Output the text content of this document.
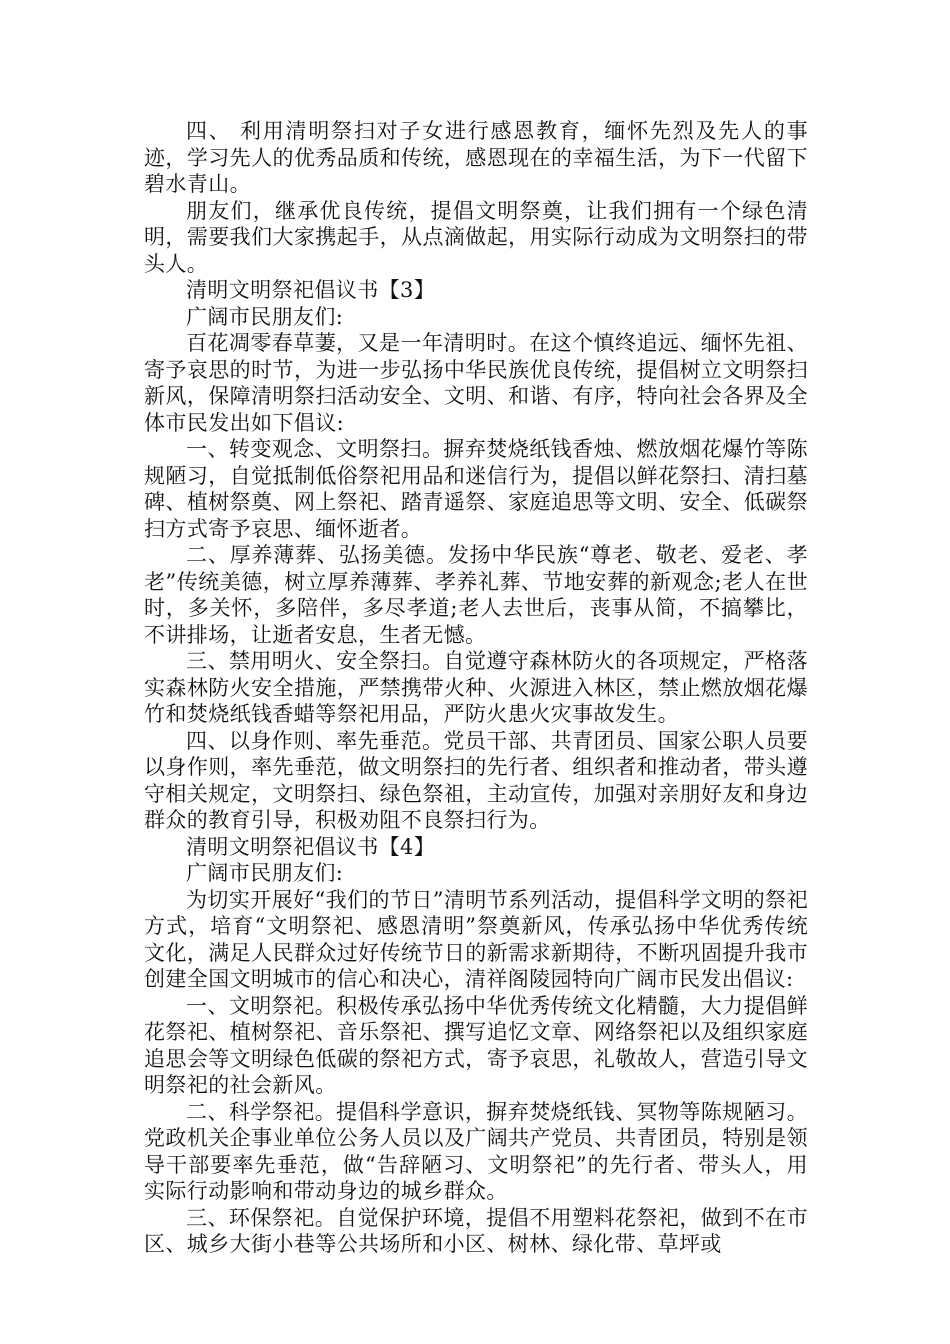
四、 利用清明祭扫对子女进行感恩教育，缅怀先烈及先人的事迹，学习先人的优秀品质和传统，感恩现在的幸福生活，为下一代留下碧水青山。

朋友们，继承优良传统，提倡文明祭奠，让我们拥有一个绿色清明，需要我们大家携起手，从点滴做起，用实际行动成为文明祭扫的带头人。

清明文明祭祀倡议书【3】

广阔市民朋友们:

百花凋零春草萋，又是一年清明时。在这个慎终追远、缅怀先祖、寄予哀思的时节，为进一步弘扬中华民族优良传统，提倡树立文明祭扫新风，保障清明祭扫活动安全、文明、和谐、有序，特向社会各界及全体市民发出如下倡议:

一、转变观念、文明祭扫。摒弃焚烧纸钱香烛、燃放烟花爆竹等陈规陋习，自觉抵制低俗祭祀用品和迷信行为，提倡以鲜花祭扫、清扫墓碑、植树祭奠、网上祭祀、踏青遥祭、家庭追思等文明、安全、低碳祭扫方式寄予哀思、缅怀逝者。

二、厚养薄葬、弘扬美德。发扬中华民族“尊老、敬老、爱老、孝老”传统美德，树立厚养薄葬、孝养礼葬、节地安葬的新观念;老人在世时，多关怀，多陪伴，多尽孝道;老人去世后，丧事从简，不搞攀比，不讲排场，让逝者安息，生者无憾。

三、禁用明火、安全祭扫。自觉遵守森林防火的各项规定，严格落实森林防火安全措施，严禁携带火种、火源进入林区，禁止燃放烟花爆竹和焚烧纸钱香蜡等祭祀用品，严防火患火灾事故发生。

四、以身作则、率先垂范。党员干部、共青团员、国家公职人员要以身作则，率先垂范，做文明祭扫的先行者、组织者和推动者，带头遵守相关规定，文明祭扫、绿色祭祖，主动宣传，加强对亲朋好友和身边群众的教育引导，积极劝阻不良祭扫行为。

清明文明祭祀倡议书【4】

广阔市民朋友们:

为切实开展好“我们的节日”清明节系列活动，提倡科学文明的祭祀方式，培育“文明祭祀、感恩清明”祭奠新风，传承弘扬中华优秀传统文化，满足人民群众过好传统节日的新需求新期待，不断巩固提升我市创建全国文明城市的信心和决心，清祥阁陵园特向广阔市民发出倡议:

一、文明祭祀。积极传承弘扬中华优秀传统文化精髓，大力提倡鲜花祭祀、植树祭祀、音乐祭祀、撰写追忆文章、网络祭祀以及组织家庭追思会等文明绿色低碳的祭祀方式，寄予哀思，礼敬故人，营造引导文明祭祀的社会新风。

二、科学祭祀。提倡科学意识，摒弃焚烧纸钱、冥物等陈规陋习。党政机关企事业单位公务人员以及广阔共产党员、共青团员，特别是领导干部要率先垂范，做“告辞陋习、文明祭祀”的先行者、带头人，用实际行动影响和带动身边的城乡群众。

三、环保祭祀。自觉保护环境，提倡不用塑料花祭祀，做到不在市区、城乡大街小巷等公共场所和小区、树林、绿化带、草坪或
